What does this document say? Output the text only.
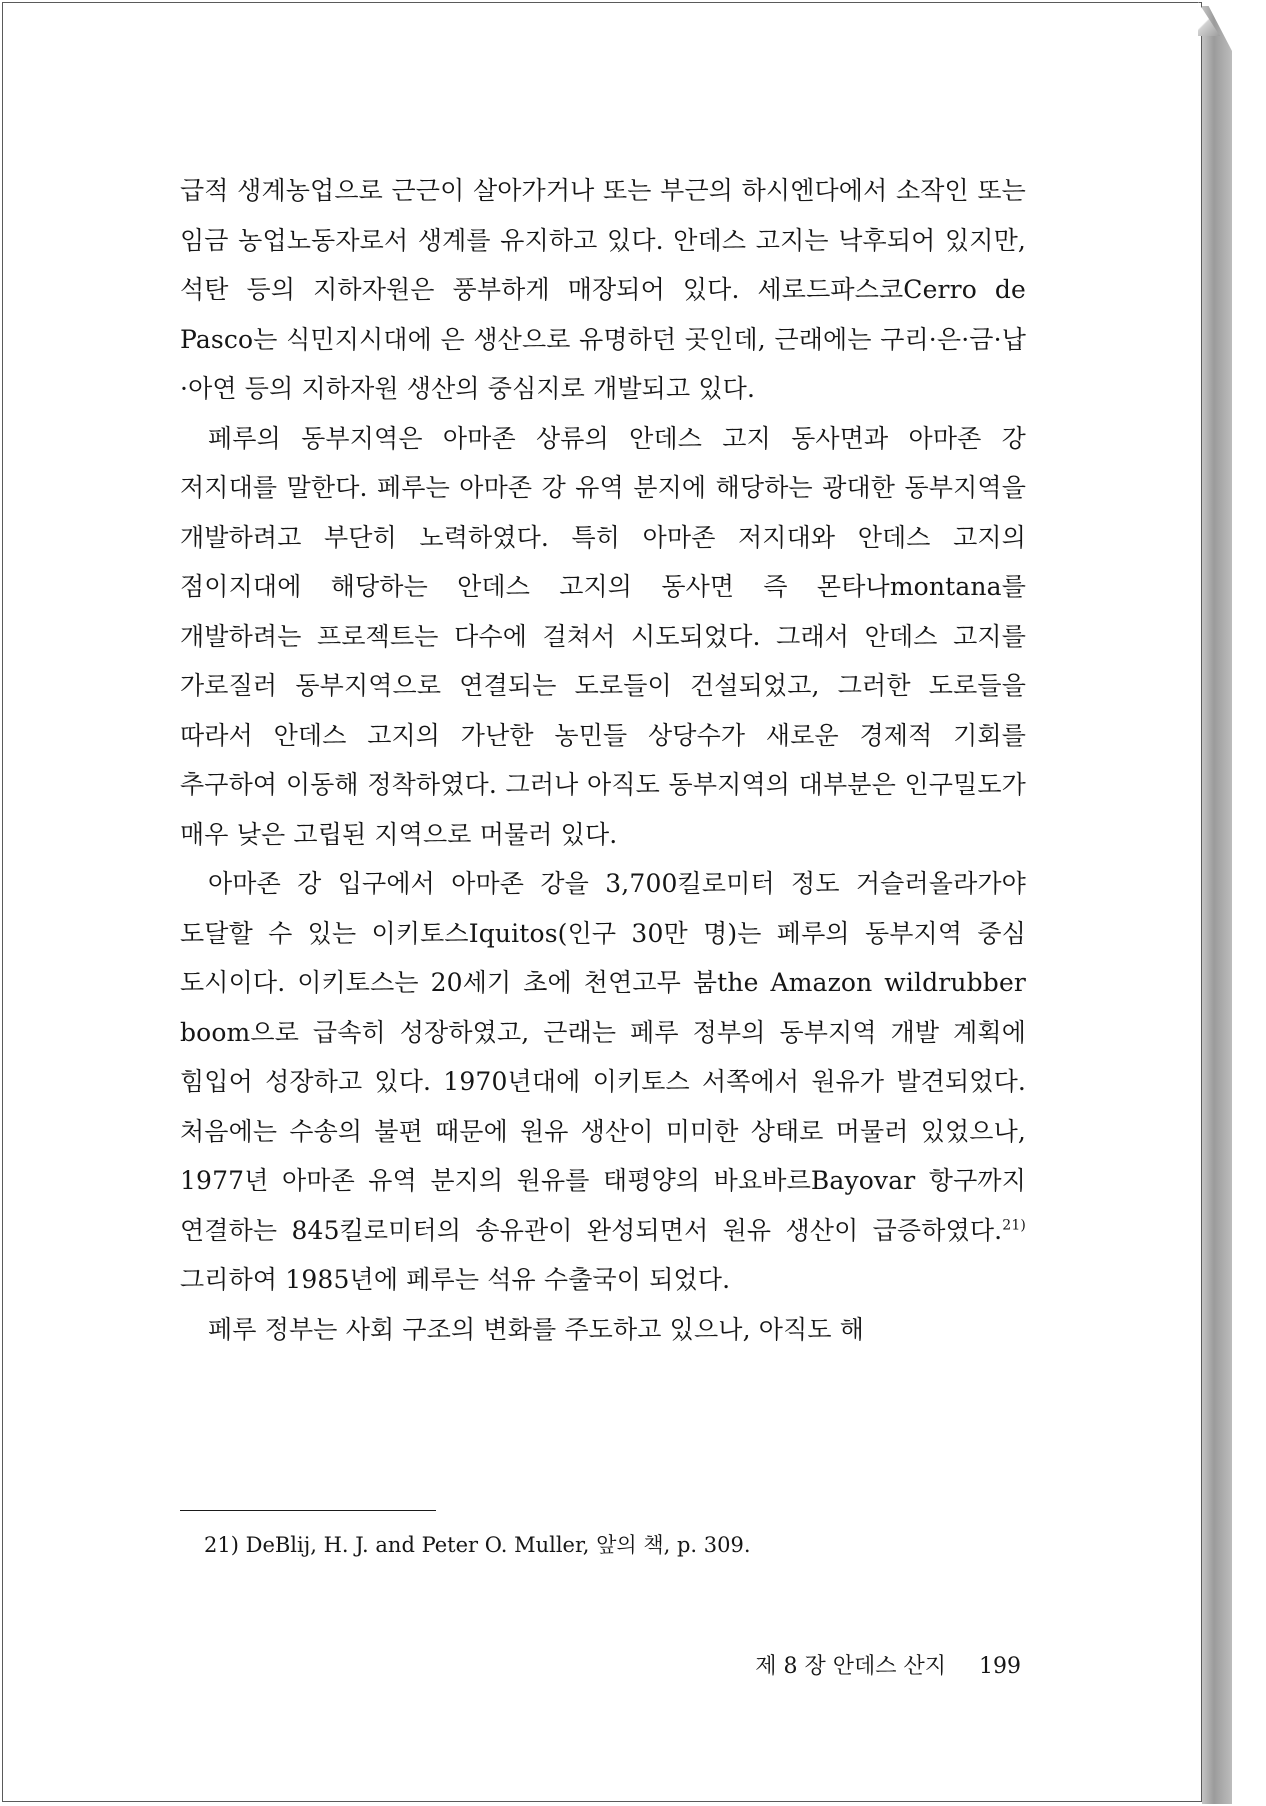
급적 생계농업으로 근근이 살아가거나 또는 부근의 하시엔다에서 소작인 또는 임금 농업노동자로서 생계를 유지하고 있다. 안데스 고지는 낙후되어 있지만, 석탄 등의 지하자원은 풍부하게 매장되어 있다. 세로드파스코Cerro de Pasco는 식민지시대에 은 생산으로 유명하던 곳인데, 근래에는 구리·은·금·납·아연 등의 지하자원 생산의 중심지로 개발되고 있다.

페루의 동부지역은 아마존 상류의 안데스 고지 동사면과 아마존 강 저지대를 말한다. 페루는 아마존 강 유역 분지에 해당하는 광대한 동부지역을 개발하려고 부단히 노력하였다. 특히 아마존 저지대와 안데스 고지의 점이지대에 해당하는 안데스 고지의 동사면 즉 몬타나montana를 개발하려는 프로젝트는 다수에 걸쳐서 시도되었다. 그래서 안데스 고지를 가로질러 동부지역으로 연결되는 도로들이 건설되었고, 그러한 도로들을 따라서 안데스 고지의 가난한 농민들 상당수가 새로운 경제적 기회를 추구하여 이동해 정착하였다. 그러나 아직도 동부지역의 대부분은 인구밀도가 매우 낮은 고립된 지역으로 머물러 있다.

아마존 강 입구에서 아마존 강을 3,700킬로미터 정도 거슬러올라가야 도달할 수 있는 이키토스Iquitos(인구 30만 명)는 페루의 동부지역 중심 도시이다. 이키토스는 20세기 초에 천연고무 붐the Amazon wildrubber boom으로 급속히 성장하였고, 근래는 페루 정부의 동부지역 개발 계획에 힘입어 성장하고 있다. 1970년대에 이키토스 서쪽에서 원유가 발견되었다. 처음에는 수송의 불편 때문에 원유 생산이 미미한 상태로 머물러 있었으나, 1977년 아마존 유역 분지의 원유를 태평양의 바요바르Bayovar 항구까지 연결하는 845킬로미터의 송유관이 완성되면서 원유 생산이 급증하였다.$^{21)}$ 그리하여 1985년에 페루는 석유 수출국이 되었다.

페루 정부는 사회 구조의 변화를 주도하고 있으나, 아직도 해

21) DeBlij, H. J. and Peter O. Muller, 앞의 책, p. 309.
제 8 장 안데스 산지 199
